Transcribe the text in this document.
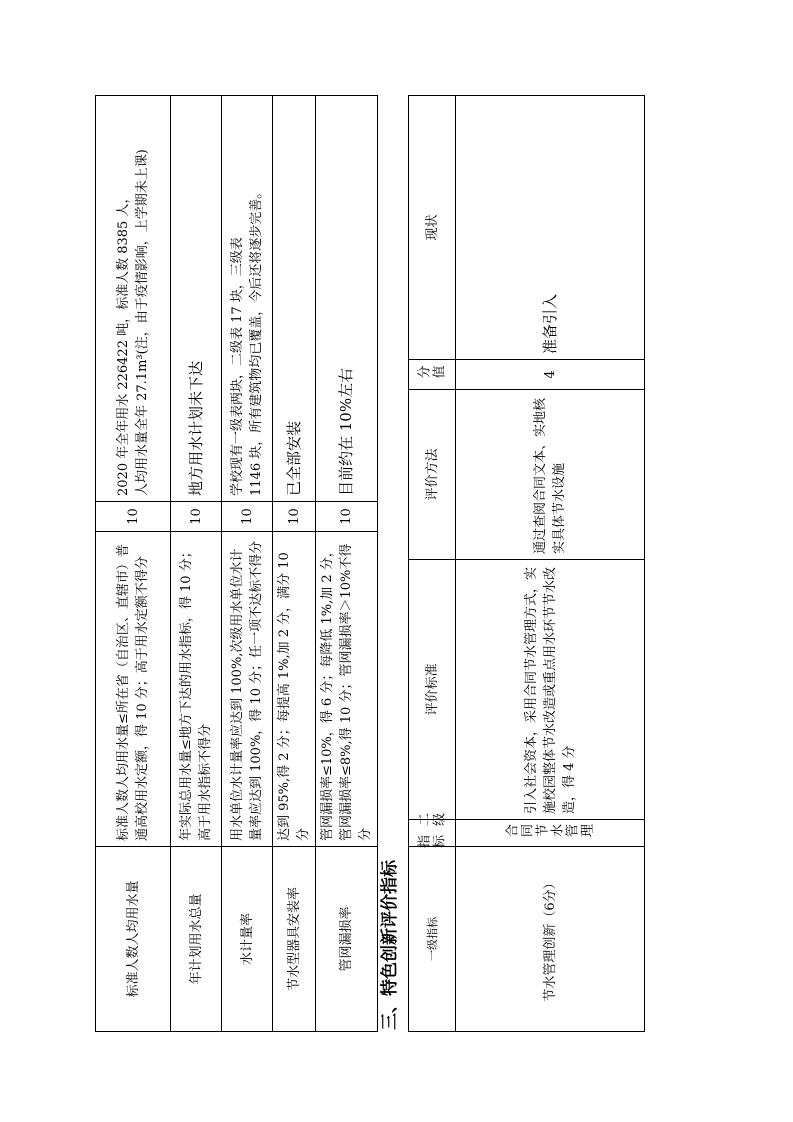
标准人数人均用水量	标准人数人均用水量≤所在省（自治区、直辖市）普通高校用水定额，得 10 分；高于用水定额不得分	10	2020 年全年用水 226422 吨，标准人数 8385 人， 人均用水量全年 27.1m³(注，由于疫情影响，上学期未上课)

年计划用水总量	年实际总用水量≤地方下达的用水指标，得 10 分；高于用水指标不得分	10	地方用水计划未下达
水计量率	用水单位水计量率应达到 100%,次级用水单位水计量率应达到 100%，得 10 分；任一项不达标不得分	10	学校现有一级表两块，二级表 17 块，三级表 1146 块，所有建筑物均已覆盖，今后还将逐步完善。

节水型器具安装率	达到 95%,得 2 分；每提高 1%,加 2 分，满分 10 分	10	已全部安装
管网漏损率	管网漏损率≤10%，得 6 分；每降低 1%,加 2 分，管网漏损率≤8%,得 10 分；管网漏损率＞10%不得分	10	目前约在 10%左右
三、特色创新评价指标 一级指标	二级指标	评价标准	评价方法	分值	现状
节水管理创新（6分）	合同节水管理	引入社会资本，采用合同节水管理方式，实施校园整体节水改造或重点用水环节节水改造，得 4 分	通过查阅合同文本、实地核实具体节水设施	4	准备引入
